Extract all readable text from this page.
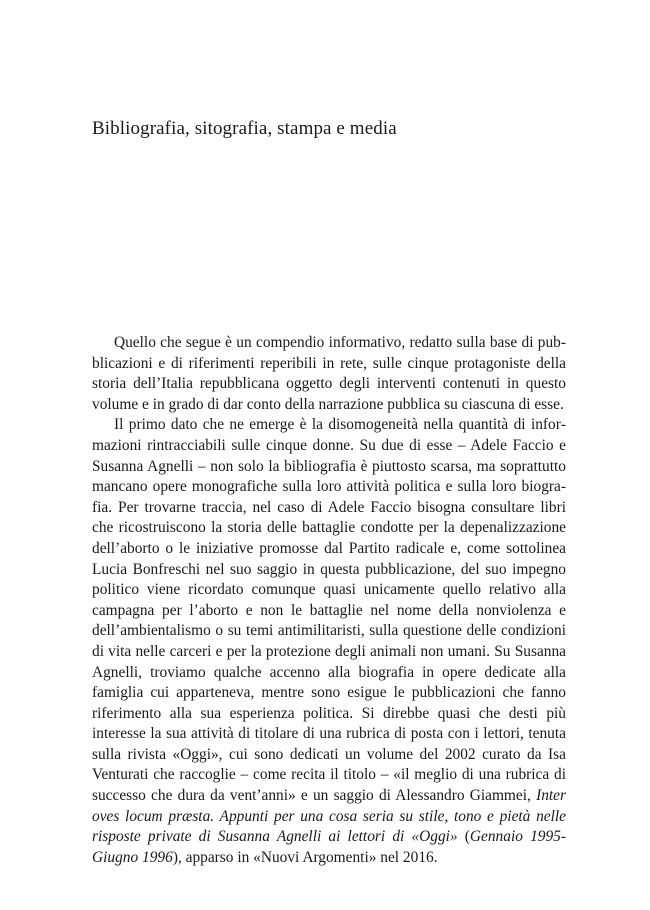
Bibliografia, sitografia, stampa e media

Quello che segue è un compendio informativo, redatto sulla base di pubblicazioni e di riferimenti reperibili in rete, sulle cinque protagoniste della storia dell’Italia repubblicana oggetto degli interventi contenuti in questo volume e in grado di dar conto della narrazione pubblica su ciascuna di esse.

Il primo dato che ne emerge è la disomogeneità nella quantità di informazioni rintracciabili sulle cinque donne. Su due di esse – Adele Faccio e Susanna Agnelli – non solo la bibliografia è piuttosto scarsa, ma soprattutto mancano opere monografiche sulla loro attività politica e sulla loro biografia. Per trovarne traccia, nel caso di Adele Faccio bisogna consultare libri che ricostruiscono la storia delle battaglie condotte per la depenalizzazione dell’aborto o le iniziative promosse dal Partito radicale e, come sottolinea Lucia Bonfreschi nel suo saggio in questa pubblicazione, del suo impegno politico viene ricordato comunque quasi unicamente quello relativo alla campagna per l’aborto e non le battaglie nel nome della nonviolenza e dell’ambientalismo o su temi antimilitaristi, sulla questione delle condizioni di vita nelle carceri e per la protezione degli animali non umani. Su Susanna Agnelli, troviamo qualche accenno alla biografia in opere dedicate alla famiglia cui apparteneva, mentre sono esigue le pubblicazioni che fanno riferimento alla sua esperienza politica. Si direbbe quasi che desti più interesse la sua attività di titolare di una rubrica di posta con i lettori, tenuta sulla rivista «Oggi», cui sono dedicati un volume del 2002 curato da Isa Venturati che raccoglie – come recita il titolo – «il meglio di una rubrica di successo che dura da vent’anni» e un saggio di Alessandro Giammei, Inter oves locum præsta. Appunti per una cosa seria su stile, tono e pietà nelle risposte private di Susanna Agnelli ai lettori di «Oggi» (Gennaio 1995-Giugno 1996), apparso in «Nuovi Argomenti» nel 2016.
